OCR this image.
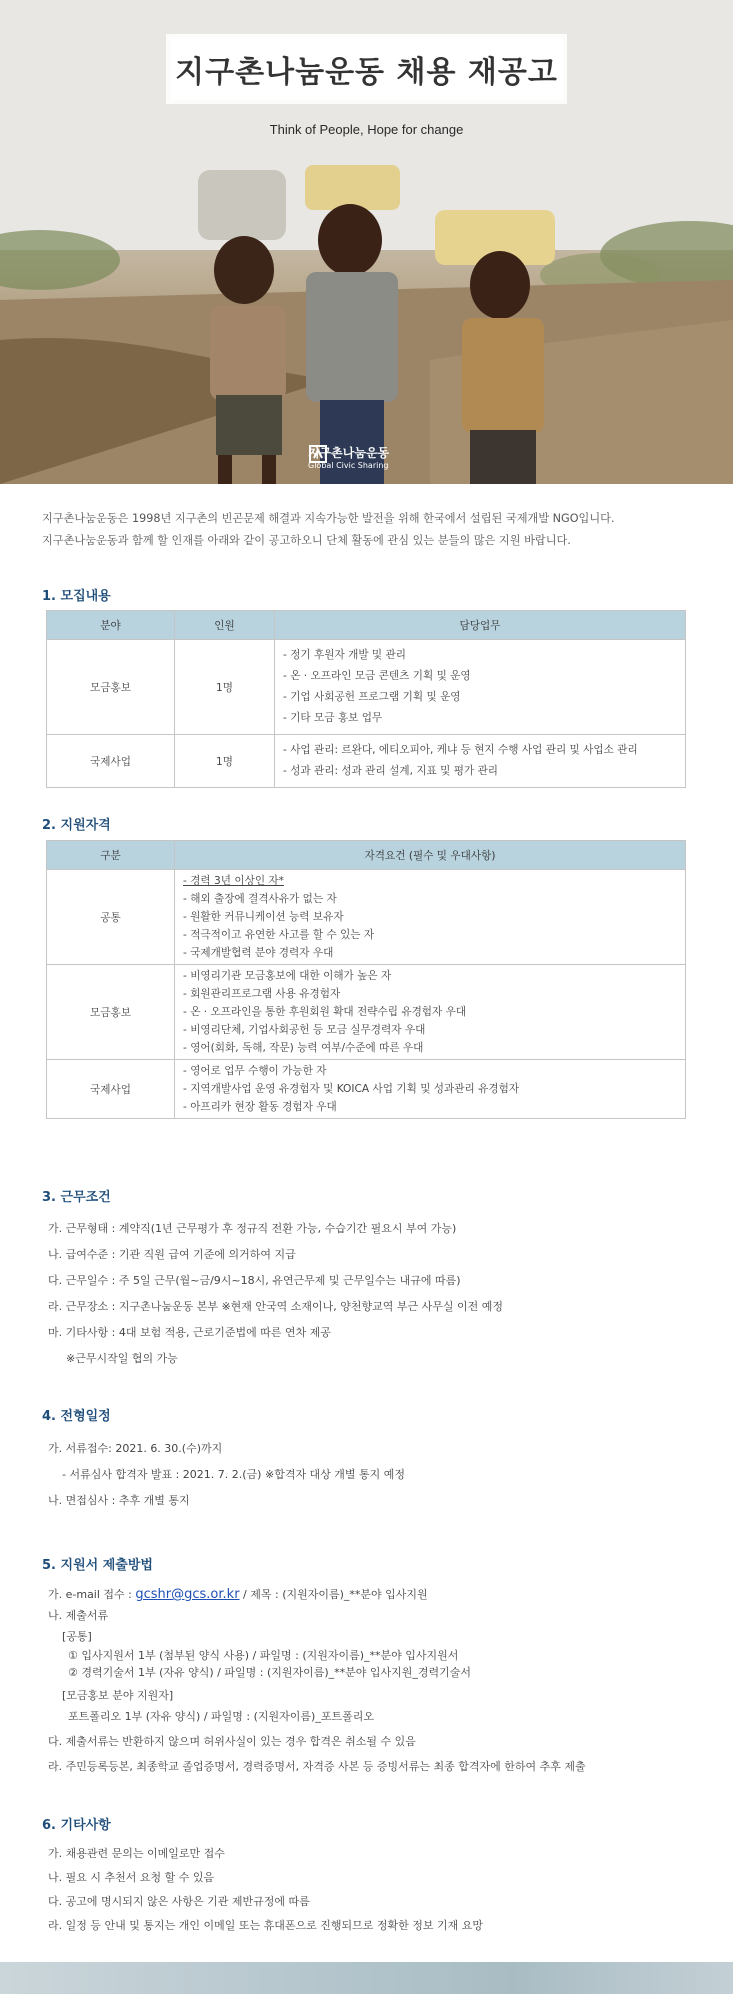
지구촌나눔운동 채용 재공고
Think of People, Hope for change
지구촌나눔운동
Global Civic Sharing
지구촌나눔운동은 1998년 지구촌의 빈곤문제 해결과 지속가능한 발전을 위해 한국에서 설립된 국제개발 NGO입니다.
지구촌나눔운동과 함께 할 인재를 아래와 같이 공고하오니 단체 활동에 관심 있는 분들의 많은 지원 바랍니다.
1. 모집내용
분야	인원	담당업무
모금홍보	1명	- 정기 후원자 개발 및 관리
- 온 · 오프라인 모금 콘텐츠 기획 및 운영
- 기업 사회공헌 프로그램 기획 및 운영
- 기타 모금 홍보 업무

국제사업	1명	- 사업 관리: 르완다, 에티오피아, 케냐 등 현지 수행 사업 관리 및 사업소 관리
- 성과 관리: 성과 관리 설계, 지표 및 평가 관리
2. 지원자격
구분	자격요건 (필수 및 우대사항)
공통	- 경력 3년 이상인 자*
- 해외 출장에 결격사유가 없는 자
- 원활한 커뮤니케이션 능력 보유자
- 적극적이고 유연한 사고를 할 수 있는 자
- 국제개발협력 분야 경력자 우대

모금홍보	- 비영리기관 모금홍보에 대한 이해가 높은 자
- 회원관리프로그램 사용 유경험자
- 온 · 오프라인을 통한 후원회원 확대 전략수립 유경험자 우대
- 비영리단체, 기업사회공헌 등 모금 실무경력자 우대
- 영어(회화, 독해, 작문) 능력 여부/수준에 따른 우대

국제사업	- 영어로 업무 수행이 가능한 자
- 지역개발사업 운영 유경험자 및 KOICA 사업 기획 및 성과관리 유경험자
- 아프리카 현장 활동 경험자 우대
3. 근무조건
가. 근무형태 : 계약직(1년 근무평가 후 정규직 전환 가능, 수습기간 필요시 부여 가능)
나. 급여수준 : 기관 직원 급여 기준에 의거하여 지급
다. 근무일수 : 주 5일 근무(월~금/9시~18시, 유연근무제 및 근무일수는 내규에 따름)
라. 근무장소 : 지구촌나눔운동 본부 ※현재 안국역 소재이나, 양천향교역 부근 사무실 이전 예정
마. 기타사항 : 4대 보험 적용, 근로기준법에 따른 연차 제공
※근무시작일 협의 가능
4. 전형일정
가. 서류접수: 2021. 6. 30.(수)까지
- 서류심사 합격자 발표 : 2021. 7. 2.(금) ※합격자 대상 개별 통지 예정
나. 면접심사 : 추후 개별 통지
5. 지원서 제출방법
가. e-mail 접수 : gcshr@gcs.or.kr / 제목 : (지원자이름)_**분야 입사지원
나. 제출서류
[공통]
① 입사지원서 1부 (첨부된 양식 사용) / 파일명 : (지원자이름)_**분야 입사지원서
② 경력기술서 1부 (자유 양식) / 파일명 : (지원자이름)_**분야 입사지원_경력기술서
[모금홍보 분야 지원자]
포트폴리오 1부 (자유 양식) / 파일명 : (지원자이름)_포트폴리오
다. 제출서류는 반환하지 않으며 허위사실이 있는 경우 합격은 취소될 수 있음
라. 주민등록등본, 최종학교 졸업증명서, 경력증명서, 자격증 사본 등 증빙서류는 최종 합격자에 한하여 추후 제출
6. 기타사항
가. 채용관련 문의는 이메일로만 접수
나. 필요 시 추천서 요청 할 수 있음
다. 공고에 명시되지 않은 사항은 기관 제반규정에 따름
라. 일정 등 안내 및 통지는 개인 이메일 또는 휴대폰으로 진행되므로 정확한 정보 기재 요망
